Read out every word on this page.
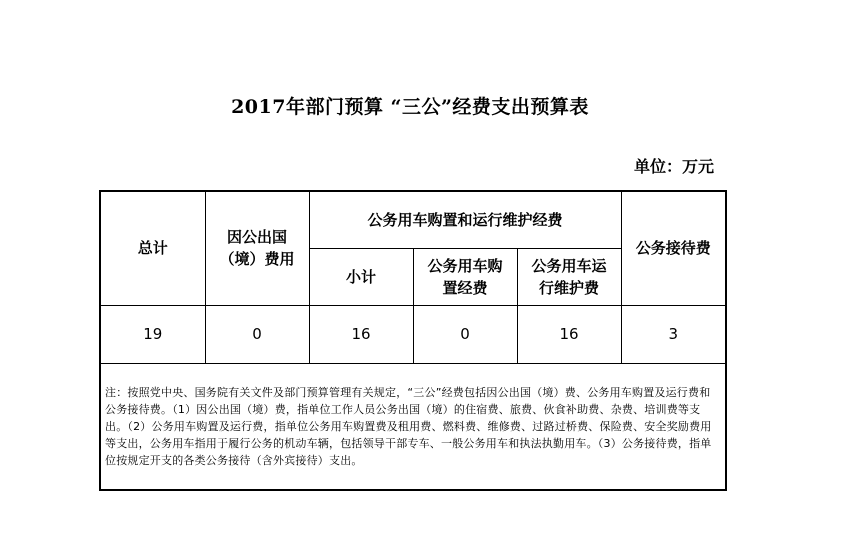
2017年部门预算 “三公”经费支出预算表
单位：万元
总计	因公出国（境）费用	公务用车购置和运行维护经费			公务接待费
		小计	公务用车购置经费	公务用车运行维护费	
19	0	16	0	16	3
注：按照党中央、国务院有关文件及部门预算管理有关规定，“三公”经费包括因公出国（境）费、公务用车购置及运行费和公务接待费。（1）因公出国（境）费，指单位工作人员公务出国（境）的住宿费、旅费、伙食补助费、杂费、培训费等支出。（2）公务用车购置及运行费，指单位公务用车购置费及租用费、燃料费、维修费、过路过桥费、保险费、安全奖励费用等支出，公务用车指用于履行公务的机动车辆，包括领导干部专车、一般公务用车和执法执勤用车。（3）公务接待费，指单位按规定开支的各类公务接待（含外宾接待）支出。					
